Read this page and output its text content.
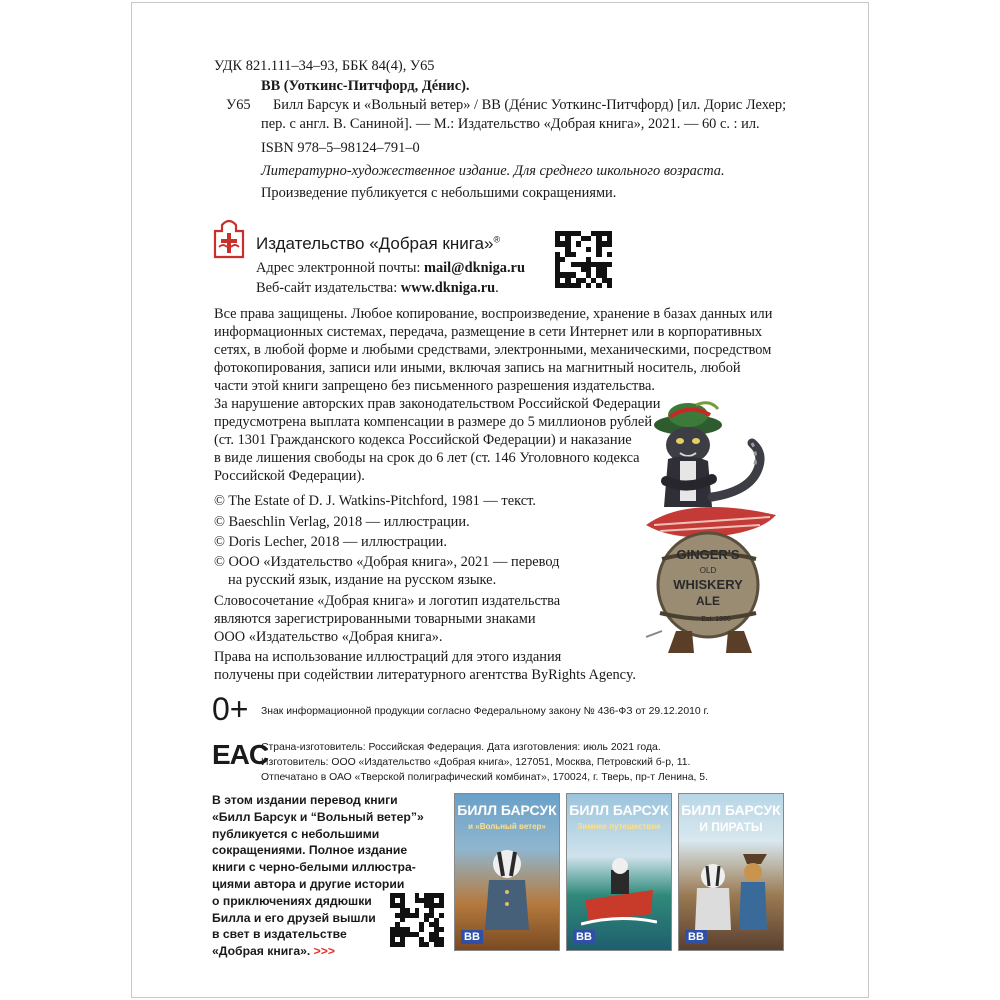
УДК 821.111–34–93, ББК 84(4), У65
ВВ (Уоткинс-Питчфорд, Дéнис).
У65 Билл Барсук и «Вольный ветер» / ВВ (Дéнис Уоткинс-Питчфорд) [ил. Дорис Лехер;
пер. с англ. В. Саниной]. — М.: Издательство «Добрая книга», 2021. — 60 с. : ил.
ISBN 978–5–98124–791–0
Литературно-художественное издание. Для среднего школьного возраста.
Произведение публикуется с небольшими сокращениями.
Издательство «Добрая книга»®
Адрес электронной почты: mail@dknigа.ru
Веб-сайт издательства: www.dkniga.ru.
Все права защищены. Любое копирование, воспроизведение, хранение в базах данных или
информационных системах, передача, размещение в сети Интернет или в корпоративных
сетях, в любой форме и любыми средствами, электронными, механическими, посредством
фотокопирования, записи или иными, включая запись на магнитный носитель, любой
части этой книги запрещено без письменного разрешения издательства.
За нарушение авторских прав законодательством Российской Федерации
предусмотрена выплата компенсации в размере до 5 миллионов рублей
(ст. 1301 Гражданского кодекса Российской Федерации) и наказание
в виде лишения свободы на срок до 6 лет (ст. 146 Уголовного кодекса
Российской Федерации).
© The Estate of D. J. Watkins-Pitchford, 1981 — текст.
© Baeschlin Verlag, 2018 — иллюстрации.
© Doris Lecher, 2018 — иллюстрации.
© ООО «Издательство «Добрая книга», 2021 — перевод
на русский язык, издание на русском языке.
Словосочетание «Добрая книга» и логотип издательства
являются зарегистрированными товарными знаками
ООО «Издательство «Добрая книга».
Права на использование иллюстраций для этого издания
получены при содействии литературного агентства ByRights Agency.
GINGER'S
OLD
WHISKERY
ALE
Est. 1866
0+ Знак информационной продукции согласно Федеральному закону № 436-ФЗ от 29.12.2010 г.
EAC
Страна-изготовитель: Российская Федерация. Дата изготовления: июль 2021 года.
Изготовитель: ООО «Издательство «Добрая книга», 127051, Москва, Петровский б-р, 11.
Отпечатано в ОАО «Тверской полиграфический комбинат», 170024, г. Тверь, пр-т Ленина, 5.
В этом издании перевод книги
«Билл Барсук и “Вольный ветер”»
публикуется с небольшими
сокращениями. Полное издание
книги с черно-белыми иллюстра-
циями автора и другие истории
о приключениях дядюшки
Билла и его друзей вышли
в свет в издательстве
«Добрая книга». >>>
БИЛЛ БАРСУК
и «Вольный ветер»
ВВ
БИЛЛ БАРСУК
Зимнее путешествие
ВВ
БИЛЛ БАРСУК
И ПИРАТЫ
ВВ
